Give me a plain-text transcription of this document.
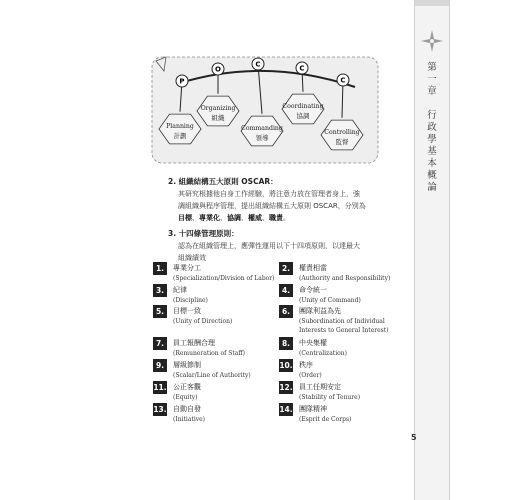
第
一
章

行
政
學
基
本
概
論
5
Planning
計劃
Organizing
組織
Commanding
領導
Coordinating
協調
Controlling
監督
P
O
C	C
C
2. 組織結構五大原則 OSCAR：
其研究根據他自身工作經驗，將注意力放在管理者身上，強
調組織與程序管理，提出組織結構五大原則 OSCAR，分別為
目標、專業化、協調、權威、職責。
3. 十四條管理原則：
認為在組織管理上，應彈性運用以下十四項原則，以達最大
組織績效
1.	專業分工
(Specialization/Division of Labor)
2.	權責相當
(Authority and Responsibility)
3.	紀律
(Discipline)
4.	命令統一
(Unity of Command)
5.	目標一致
(Unity of Direction)
6.	團隊利益為先
(Subordination of Individual
Interests to General Interest)
7.	員工報酬合理
(Remuneration of Staff)
8.	中央集權
(Centralization)
9.	層級節制
(Scalar/Line of Authority)
10. 秩序
(Order)
11. 公正客觀
(Equity)
12. 員工任期安定
(Stability of Tenure)
13. 自動自發
(Initiative)
14. 團隊精神
(Esprit de Corps)
